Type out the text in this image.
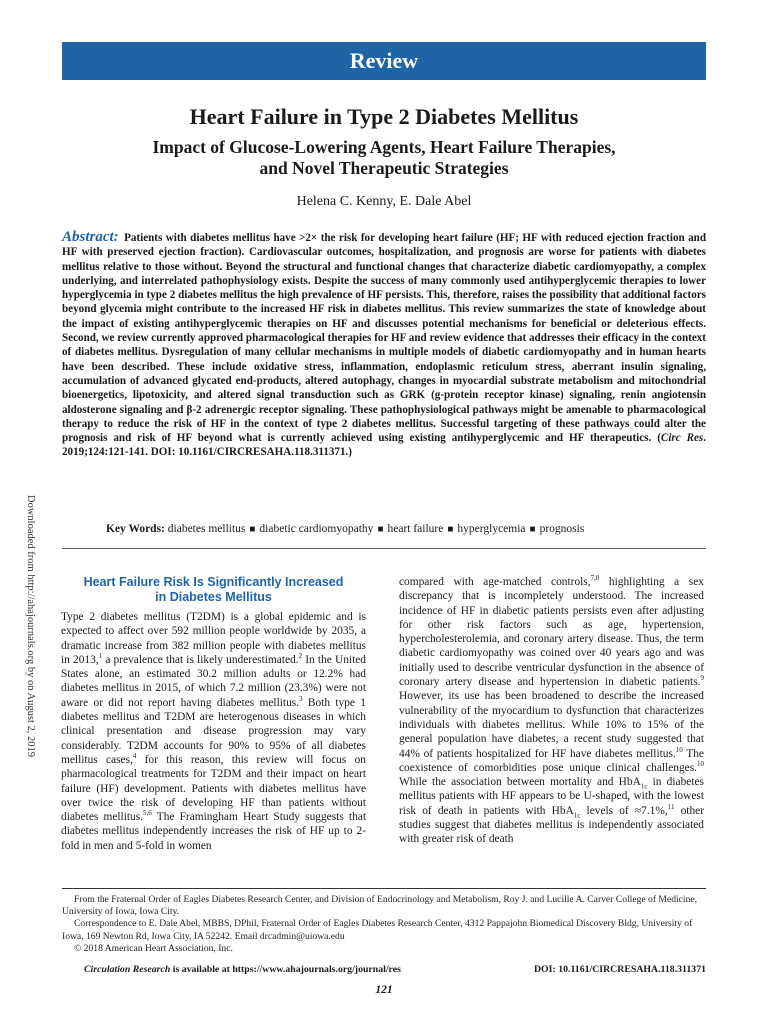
Review
Heart Failure in Type 2 Diabetes Mellitus
Impact of Glucose-Lowering Agents, Heart Failure Therapies,
and Novel Therapeutic Strategies
Helena C. Kenny, E. Dale Abel

Abstract: Patients with diabetes mellitus have >2× the risk for developing heart failure (HF; HF with reduced ejection fraction and HF with preserved ejection fraction). Cardiovascular outcomes, hospitalization, and prognosis are worse for patients with diabetes mellitus relative to those without. Beyond the structural and functional changes that characterize diabetic cardiomyopathy, a complex underlying, and interrelated pathophysiology exists. Despite the success of many commonly used antihyperglycemic therapies to lower hyperglycemia in type 2 diabetes mellitus the high prevalence of HF persists. This, therefore, raises the possibility that additional factors beyond glycemia might contribute to the increased HF risk in diabetes mellitus. This review summarizes the state of knowledge about the impact of existing antihyperglycemic therapies on HF and discusses potential mechanisms for beneficial or deleterious effects. Second, we review currently approved pharmacological therapies for HF and review evidence that addresses their efficacy in the context of diabetes mellitus. Dysregulation of many cellular mechanisms in multiple models of diabetic cardiomyopathy and in human hearts have been described. These include oxidative stress, inflammation, endoplasmic reticulum stress, aberrant insulin signaling, accumulation of advanced glycated end-products, altered autophagy, changes in myocardial substrate metabolism and mitochondrial bioenergetics, lipotoxicity, and altered signal transduction such as GRK (g-protein receptor kinase) signaling, renin angiotensin aldosterone signaling and β-2 adrenergic receptor signaling. These pathophysiological pathways might be amenable to pharmacological therapy to reduce the risk of HF in the context of type 2 diabetes mellitus. Successful targeting of these pathways could alter the prognosis and risk of HF beyond what is currently achieved using existing antihyperglycemic and HF therapeutics. (Circ Res. 2019;124:121-141. DOI: 10.1161/CIRCRESAHA.118.311371.)

Key Words: diabetes mellitus ■ diabetic cardiomyopathy ■ heart failure ■ hyperglycemia ■ prognosis
Downloaded from http://ahajournals.org by on August 2, 2019	Heart Failure Risk Is Significantly Increased
in Diabetes Mellitus

Type 2 diabetes mellitus (T2DM) is a global epidemic and is expected to affect over 592 million people worldwide by 2035, a dramatic increase from 382 million people with diabetes mellitus in 2013,$^1$ a prevalence that is likely underestimated.$^2$ In the United States alone, an estimated 30.2 million adults or 12.2% had diabetes mellitus in 2015, of which 7.2 million (23.3%) were not aware or did not report having diabetes mellitus.$^3$ Both type 1 diabetes mellitus and T2DM are heterogenous diseases in which clinical presentation and disease progression may vary considerably. T2DM accounts for 90% to 95% of all diabetes mellitus cases,$^4$ for this reason, this review will focus on pharmacological treatments for T2DM and their impact on heart failure (HF) development. Patients with diabetes mellitus have over twice the risk of developing HF than patients without diabetes mellitus.$^{5,6}$ The Framingham Heart Study suggests that diabetes mellitus independently increases the risk of HF up to 2-fold in men and 5-fold in women

compared with age-matched controls,$^{7,8}$ highlighting a sex discrepancy that is incompletely understood. The increased incidence of HF in diabetic patients persists even after adjusting for other risk factors such as age, hypertension, hypercholesterolemia, and coronary artery disease. Thus, the term diabetic cardiomyopathy was coined over 40 years ago and was initially used to describe ventricular dysfunction in the absence of coronary artery disease and hypertension in diabetic patients.$^9$ However, its use has been broadened to describe the increased vulnerability of the myocardium to dysfunction that characterizes individuals with diabetes mellitus. While 10% to 15% of the general population have diabetes, a recent study suggested that 44% of patients hospitalized for HF have diabetes mellitus.$^{10}$ The coexistence of comorbidities pose unique clinical challenges.$^{10}$ While the association between mortality and HbA$_{1c}$ in diabetes mellitus patients with HF appears to be U-shaped, with the lowest risk of death in patients with HbA$_{1c}$ levels of ≈7.1%,$^{11}$ other studies suggest that diabetes mellitus is independently associated with greater risk of death

From the Fraternal Order of Eagles Diabetes Research Center, and Division of Endocrinology and Metabolism, Roy J. and Lucille A. Carver College of Medicine, University of Iowa, Iowa City.

Correspondence to E. Dale Abel, MBBS, DPhil, Fraternal Order of Eagles Diabetes Research Center, 4312 Pappajohn Biomedical Discovery Bldg, University of Iowa, 169 Newton Rd, Iowa City, IA 52242. Email drcadmin@uiowa.edu

© 2018 American Heart Association, Inc.

Circulation Research is available at https://www.ahajournals.org/journal/res	DOI: 10.1161/CIRCRESAHA.118.311371
121
